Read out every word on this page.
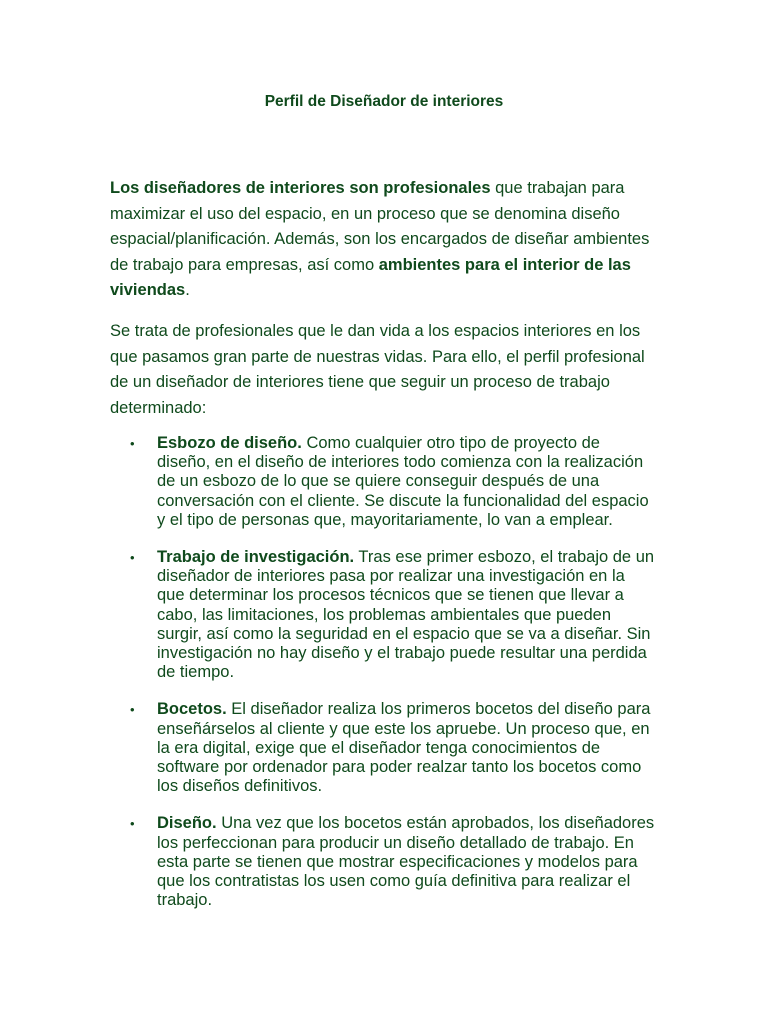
Perfil de Diseñador de interiores

Los diseñadores de interiores son profesionales que trabajan para maximizar el uso del espacio, en un proceso que se denomina diseño espacial/planificación. Además, son los encargados de diseñar ambientes de trabajo para empresas, así como ambientes para el interior de las viviendas.

Se trata de profesionales que le dan vida a los espacios interiores en los que pasamos gran parte de nuestras vidas. Para ello, el perfil profesional de un diseñador de interiores tiene que seguir un proceso de trabajo determinado:

• Esbozo de diseño. Como cualquier otro tipo de proyecto de diseño, en el diseño de interiores todo comienza con la realización de un esbozo de lo que se quiere conseguir después de una conversación con el cliente. Se discute la funcionalidad del espacio y el tipo de personas que, mayoritariamente, lo van a emplear.
• Trabajo de investigación. Tras ese primer esbozo, el trabajo de un diseñador de interiores pasa por realizar una investigación en la que determinar los procesos técnicos que se tienen que llevar a cabo, las limitaciones, los problemas ambientales que pueden surgir, así como la seguridad en el espacio que se va a diseñar. Sin investigación no hay diseño y el trabajo puede resultar una perdida de tiempo.
• Bocetos. El diseñador realiza los primeros bocetos del diseño para enseñárselos al cliente y que este los apruebe. Un proceso que, en la era digital, exige que el diseñador tenga conocimientos de software por ordenador para poder realzar tanto los bocetos como los diseños definitivos.
• Diseño. Una vez que los bocetos están aprobados, los diseñadores los perfeccionan para producir un diseño detallado de trabajo. En esta parte se tienen que mostrar especificaciones y modelos para que los contratistas los usen como guía definitiva para realizar el trabajo.
